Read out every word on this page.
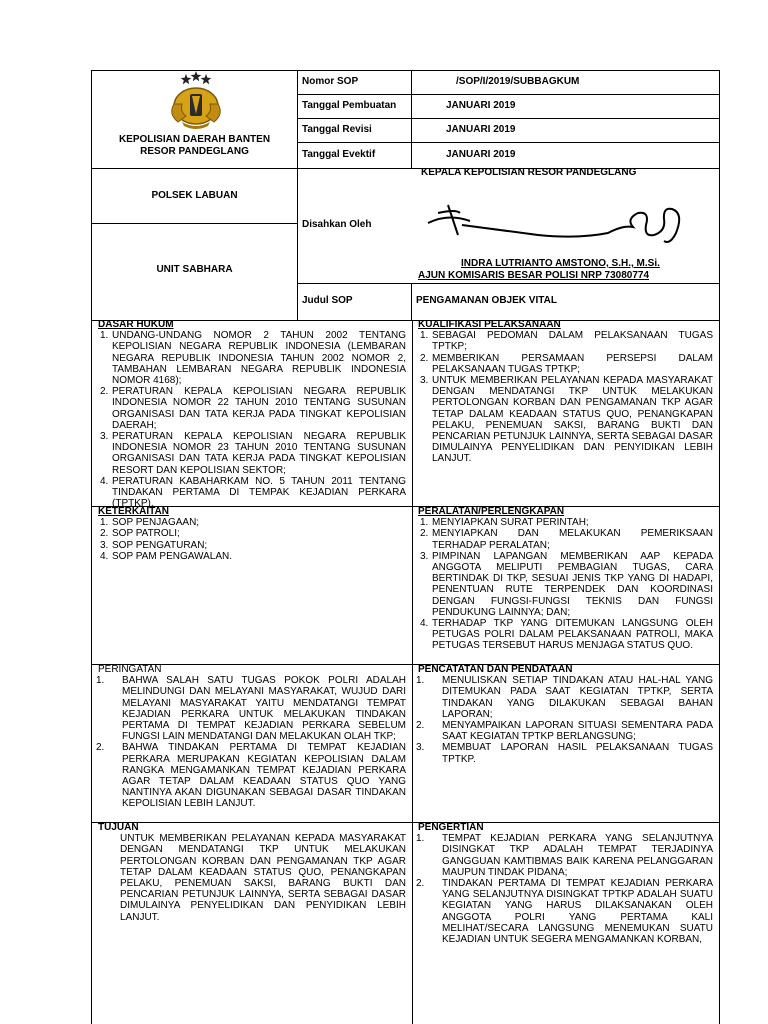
KEPOLISIAN DAERAH BANTEN
RESOR PANDEGLANG
Nomor SOP	/SOP/I/2019/SUBBAGKUM
Tanggal Pembuatan	JANUARI 2019
Tanggal Revisi	JANUARI 2019
Tanggal Evektif	JANUARI 2019
POLSEK LABUAN
UNIT SABHARA
Disahkan Oleh
KEPALA KEPOLISIAN RESOR PANDEGLANG
INDRA LUTRIANTO AMSTONO, S.H., M.Si.
AJUN KOMISARIS BESAR POLISI NRP 73080774
Judul SOP	PENGAMANAN OBJEK VITAL
DASAR HUKUM
1. UNDANG-UNDANG NOMOR 2 TAHUN 2002 TENTANG KEPOLISIAN NEGARA REPUBLIK INDONESIA (LEMBARAN NEGARA REPUBLIK INDONESIA TAHUN 2002 NOMOR 2, TAMBAHAN LEMBARAN NEGARA REPUBLIK INDONESIA NOMOR 4168);
2. PERATURAN KEPALA KEPOLISIAN NEGARA REPUBLIK INDONESIA NOMOR 22 TAHUN 2010 TENTANG SUSUNAN ORGANISASI DAN TATA KERJA PADA TINGKAT KEPOLISIAN DAERAH;
3. PERATURAN KEPALA KEPOLISIAN NEGARA REPUBLIK INDONESIA NOMOR 23 TAHUN 2010 TENTANG SUSUNAN ORGANISASI DAN TATA KERJA PADA TINGKAT KEPOLISIAN RESORT DAN KEPOLISIAN SEKTOR;
4. PERATURAN KABAHARKAM NO. 5 TAHUN 2011 TENTANG TINDAKAN PERTAMA DI TEMPAK KEJADIAN PERKARA (TPTKP).
KUALIFIKASI PELAKSANAAN
1. SEBAGAI PEDOMAN DALAM PELAKSANAAN TUGAS TPTKP;
2. MEMBERIKAN PERSAMAAN PERSEPSI DALAM PELAKSANAAN TUGAS TPTKP;
3. UNTUK MEMBERIKAN PELAYANAN KEPADA MASYARAKAT DENGAN MENDATANGI TKP UNTUK MELAKUKAN PERTOLONGAN KORBAN DAN PENGAMANAN TKP AGAR TETAP DALAM KEADAAN STATUS QUO, PENANGKAPAN PELAKU, PENEMUAN SAKSI, BARANG BUKTI DAN PENCARIAN PETUNJUK LAINNYA, SERTA SEBAGAI DASAR DIMULAINYA PENYELIDIKAN DAN PENYIDIKAN LEBIH LANJUT.
KETERKAITAN
1. SOP PENJAGAAN;
2. SOP PATROLI;
3. SOP PENGATURAN;
4. SOP PAM PENGAWALAN.
PERALATAN/PERLENGKAPAN
1. MENYIAPKAN SURAT PERINTAH;
2. MENYIAPKAN DAN MELAKUKAN PEMERIKSAAN TERHADAP PERALATAN;
3. PIMPINAN LAPANGAN MEMBERIKAN AAP KEPADA ANGGOTA MELIPUTI PEMBAGIAN TUGAS, CARA BERTINDAK DI TKP, SESUAI JENIS TKP YANG DI HADAPI, PENENTUAN RUTE TERPENDEK DAN KOORDINASI DENGAN FUNGSI-FUNGSI TEKNIS DAN FUNGSI PENDUKUNG LAINNYA; DAN;
4. TERHADAP TKP YANG DITEMUKAN LANGSUNG OLEH PETUGAS POLRI DALAM PELAKSANAAN PATROLI, MAKA PETUGAS TERSEBUT HARUS MENJAGA STATUS QUO.
PERINGATAN
1. BAHWA SALAH SATU TUGAS POKOK POLRI ADALAH MELINDUNGI DAN MELAYANI MASYARAKAT, WUJUD DARI MELAYANI MASYARAKAT YAITU MENDATANGI TEMPAT KEJADIAN PERKARA UNTUK MELAKUKAN TINDAKAN PERTAMA DI TEMPAT KEJADIAN PERKARA SEBELUM FUNGSI LAIN MENDATANGI DAN MELAKUKAN OLAH TKP;
2. BAHWA TINDAKAN PERTAMA DI TEMPAT KEJADIAN PERKARA MERUPAKAN KEGIATAN KEPOLISIAN DALAM RANGKA MENGAMANKAN TEMPAT KEJADIAN PERKARA AGAR TETAP DALAM KEADAAN STATUS QUO YANG NANTINYA AKAN DIGUNAKAN SEBAGAI DASAR TINDAKAN KEPOLISIAN LEBIH LANJUT.
PENCATATAN DAN PENDATAAN
1. MENULISKAN SETIAP TINDAKAN ATAU HAL-HAL YANG DITEMUKAN PADA SAAT KEGIATAN TPTKP, SERTA TINDAKAN YANG DILAKUKAN SEBAGAI BAHAN LAPORAN;
2. MENYAMPAIKAN LAPORAN SITUASI SEMENTARA PADA SAAT KEGIATAN TPTKP BERLANGSUNG;
3. MEMBUAT LAPORAN HASIL PELAKSANAAN TUGAS TPTKP.
TUJUAN

UNTUK MEMBERIKAN PELAYANAN KEPADA MASYARAKAT DENGAN MENDATANGI TKP UNTUK MELAKUKAN PERTOLONGAN KORBAN DAN PENGAMANAN TKP AGAR TETAP DALAM KEADAAN STATUS QUO, PENANGKAPAN PELAKU, PENEMUAN SAKSI, BARANG BUKTI DAN PENCARIAN PETUNJUK LAINNYA, SERTA SEBAGAI DASAR DIMULAINYA PENYELIDIKAN DAN PENYIDIKAN LEBIH LANJUT.

PENGERTIAN
1. TEMPAT KEJADIAN PERKARA YANG SELANJUTNYA DISINGKAT TKP ADALAH TEMPAT TERJADINYA GANGGUAN KAMTIBMAS BAIK KARENA PELANGGARAN MAUPUN TINDAK PIDANA;
2. TINDAKAN PERTAMA DI TEMPAT KEJADIAN PERKARA YANG SELANJUTNYA DISINGKAT TPTKP ADALAH SUATU KEGIATAN YANG HARUS DILAKSANAKAN OLEH ANGGOTA POLRI YANG PERTAMA KALI MELIHAT/SECARA LANGSUNG MENEMUKAN SUATU KEJADIAN UNTUK SEGERA MENGAMANKAN KORBAN,
